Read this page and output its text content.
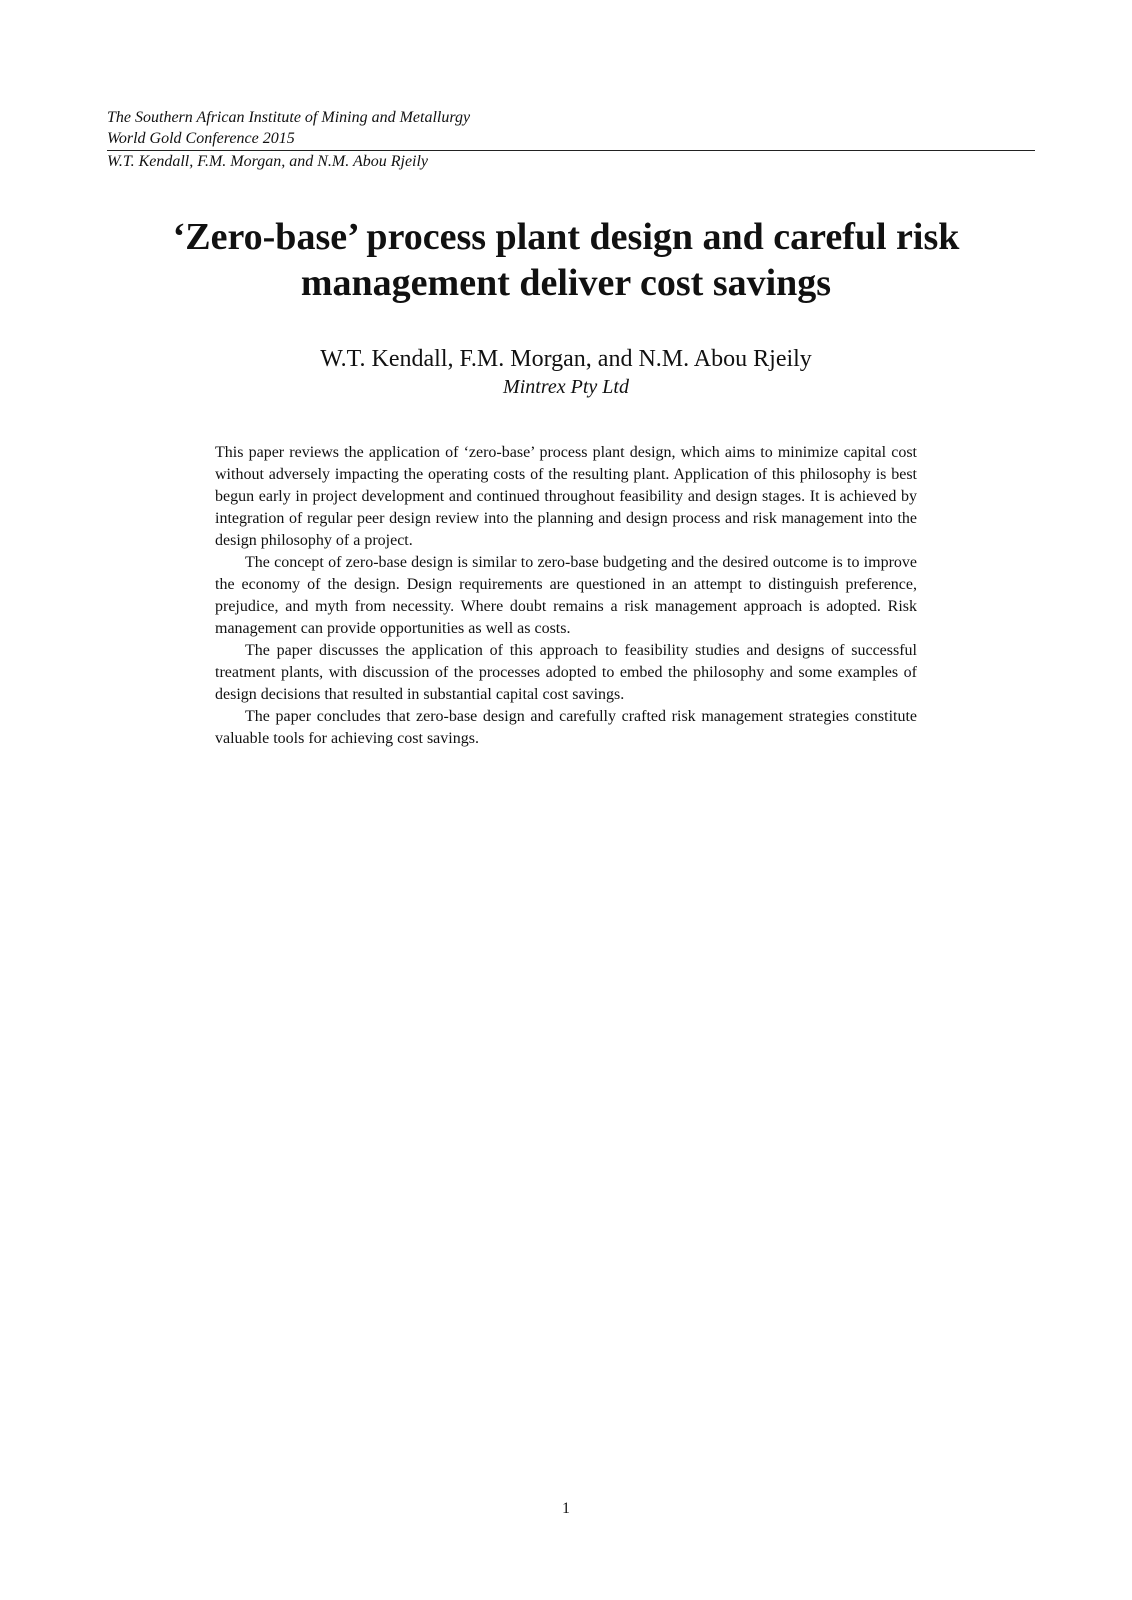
The Southern African Institute of Mining and Metallurgy
World Gold Conference 2015
W.T. Kendall, F.M. Morgan, and N.M. Abou Rjeily
‘Zero-base’ process plant design and careful risk
management deliver cost savings
W.T. Kendall, F.M. Morgan, and N.M. Abou Rjeily
Mintrex Pty Ltd

This paper reviews the application of ‘zero-base’ process plant design, which aims to minimize capital cost without adversely impacting the operating costs of the resulting plant. Application of this philosophy is best begun early in project development and continued throughout feasibility and design stages. It is achieved by integration of regular peer design review into the planning and design process and risk management into the design philosophy of a project.

The concept of zero-base design is similar to zero-base budgeting and the desired outcome is to improve the economy of the design. Design requirements are questioned in an attempt to distinguish preference, prejudice, and myth from necessity. Where doubt remains a risk management approach is adopted. Risk management can provide opportunities as well as costs.

The paper discusses the application of this approach to feasibility studies and designs of successful treatment plants, with discussion of the processes adopted to embed the philosophy and some examples of design decisions that resulted in substantial capital cost savings.

The paper concludes that zero-base design and carefully crafted risk management strategies constitute valuable tools for achieving cost savings.

1
